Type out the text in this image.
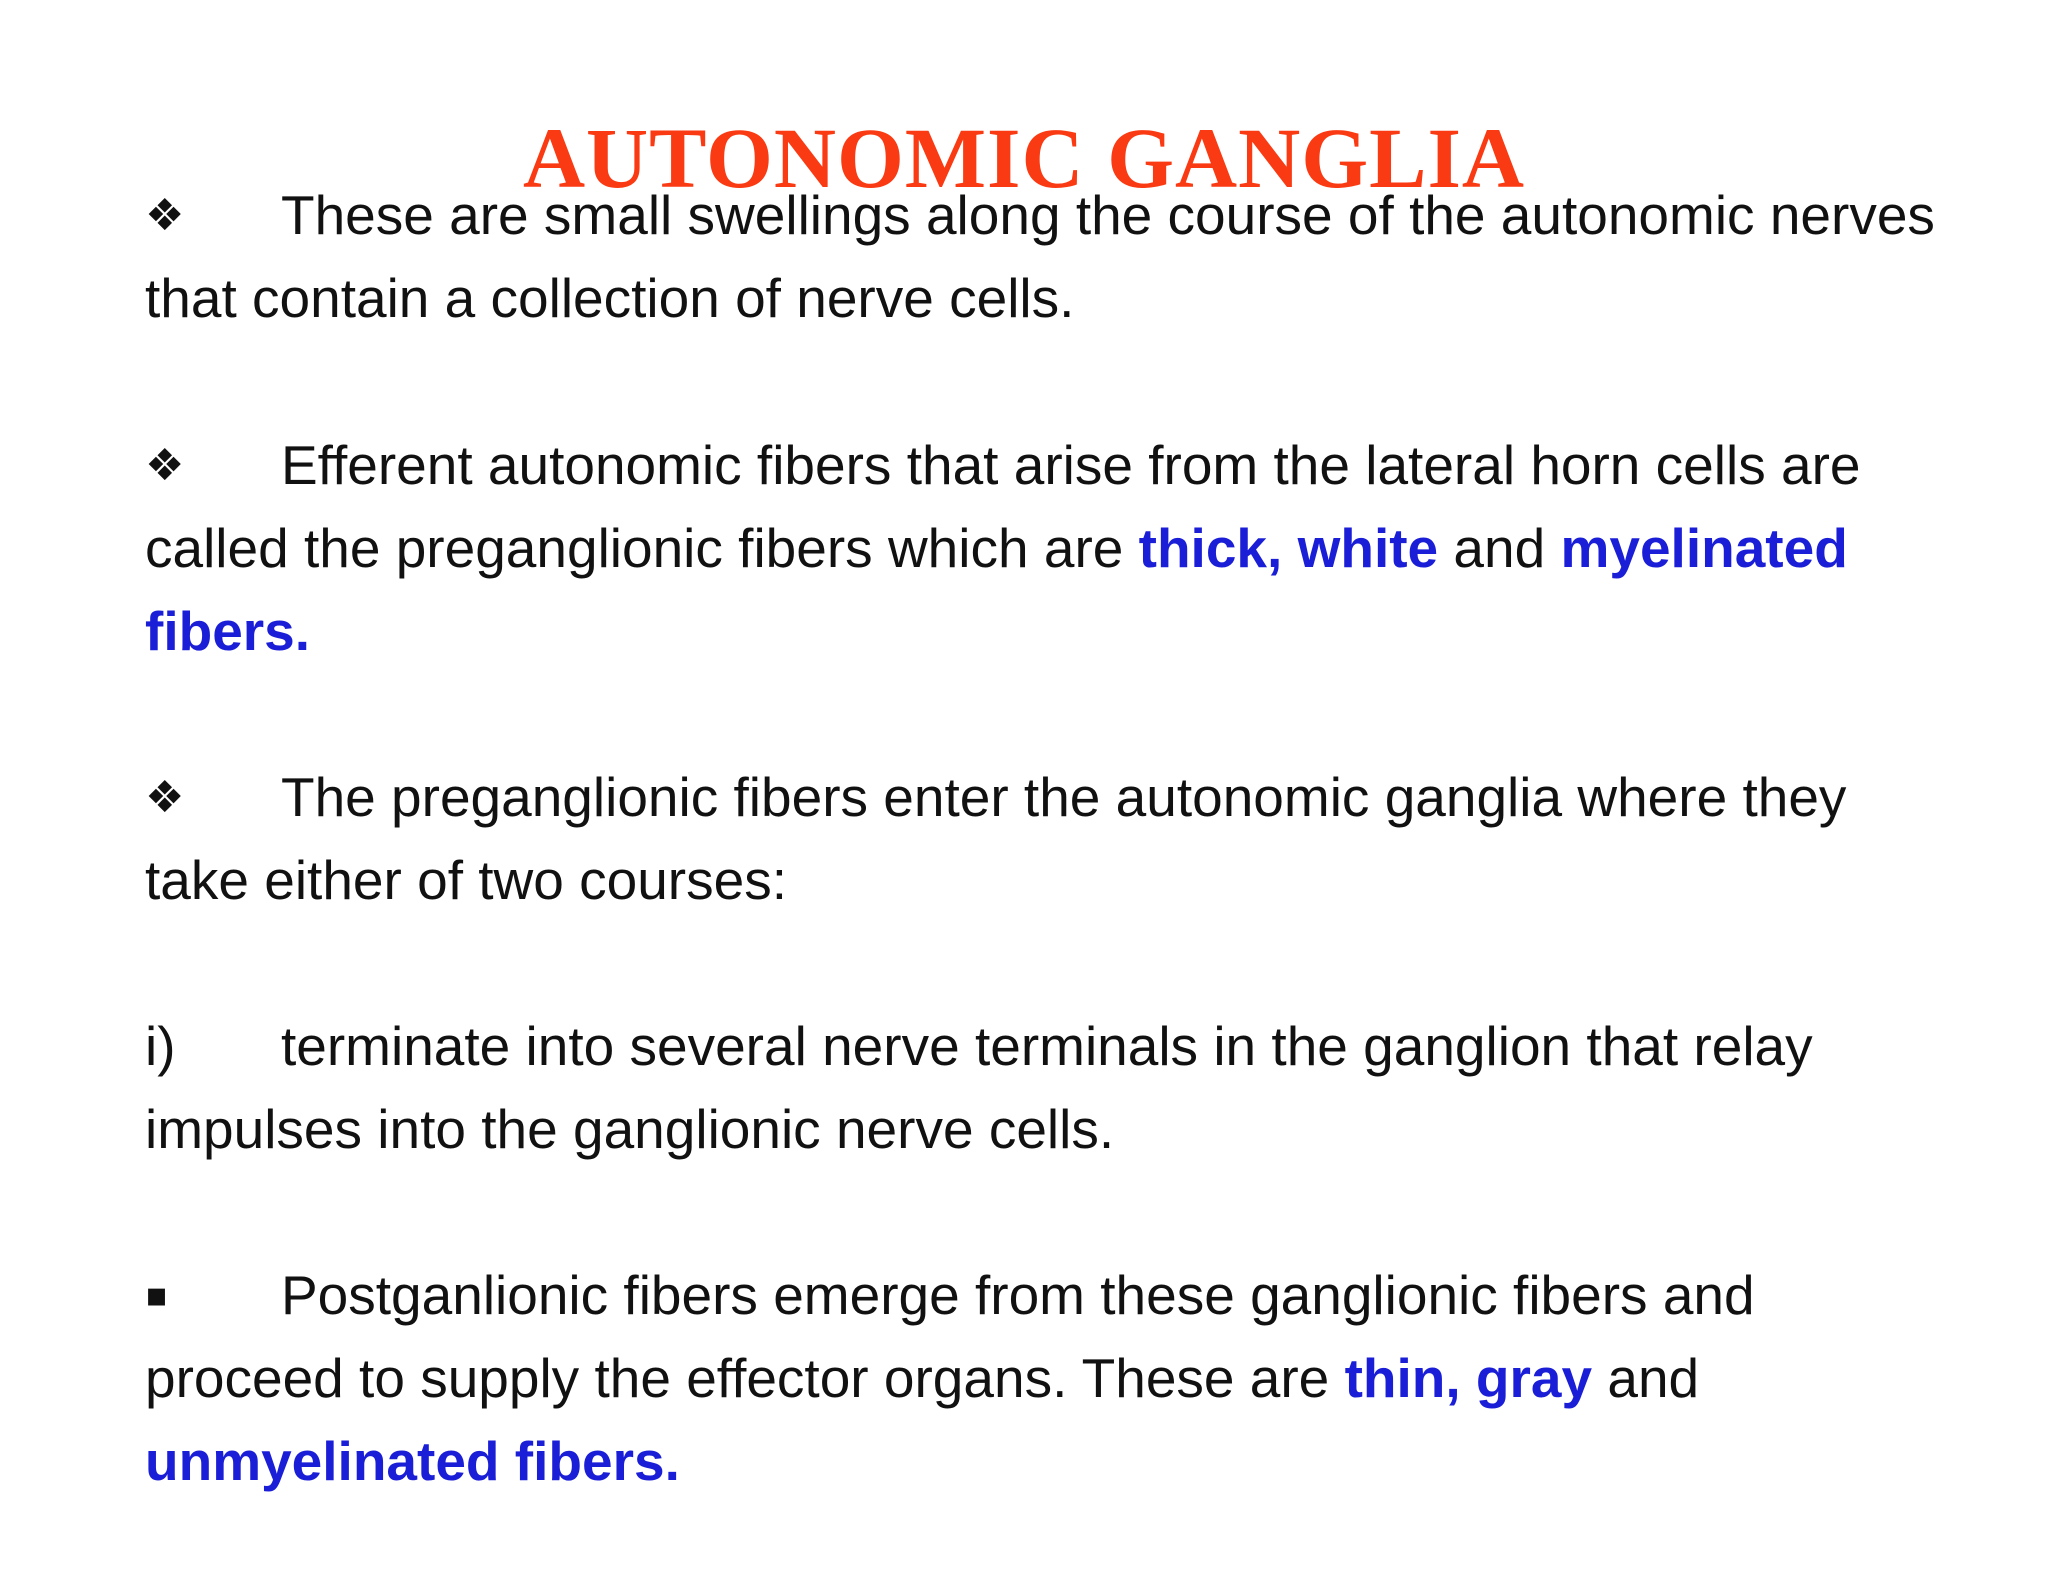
AUTONOMIC GANGLIA

❖ These are small swellings along the course of the autonomic nerves that contain a collection of nerve cells.

❖ Efferent autonomic fibers that arise from the lateral horn cells are called the preganglionic fibers which are thick, white and myelinated fibers.

❖ The preganglionic fibers enter the autonomic ganglia where they take either of two courses:

i) terminate into several nerve terminals in the ganglion that relay impulses into the ganglionic nerve cells.

▪ Postganlionic fibers emerge from these ganglionic fibers and proceed to supply the effector organs. These are thin, gray and unmyelinated fibers.
